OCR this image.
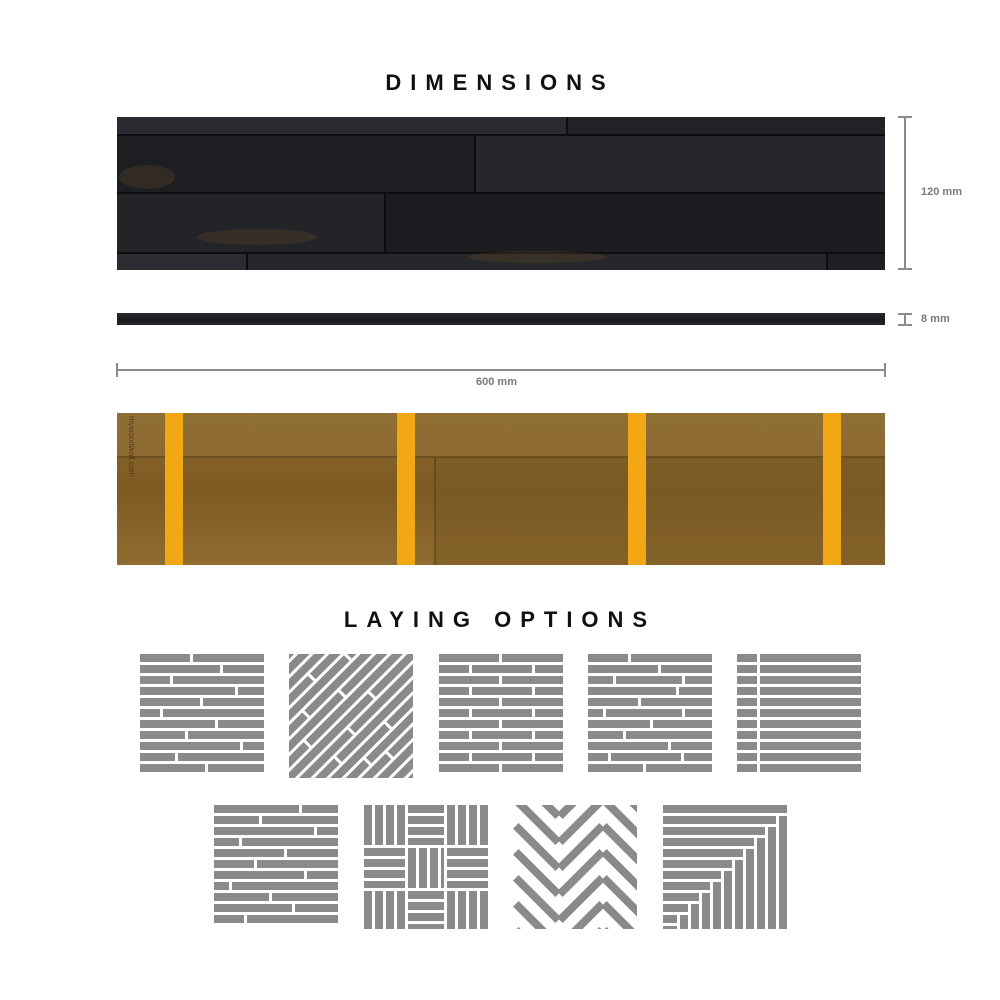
DIMENSIONS
mywoodwall.com
120 mm
8 mm
600 mm
LAYING OPTIONS
